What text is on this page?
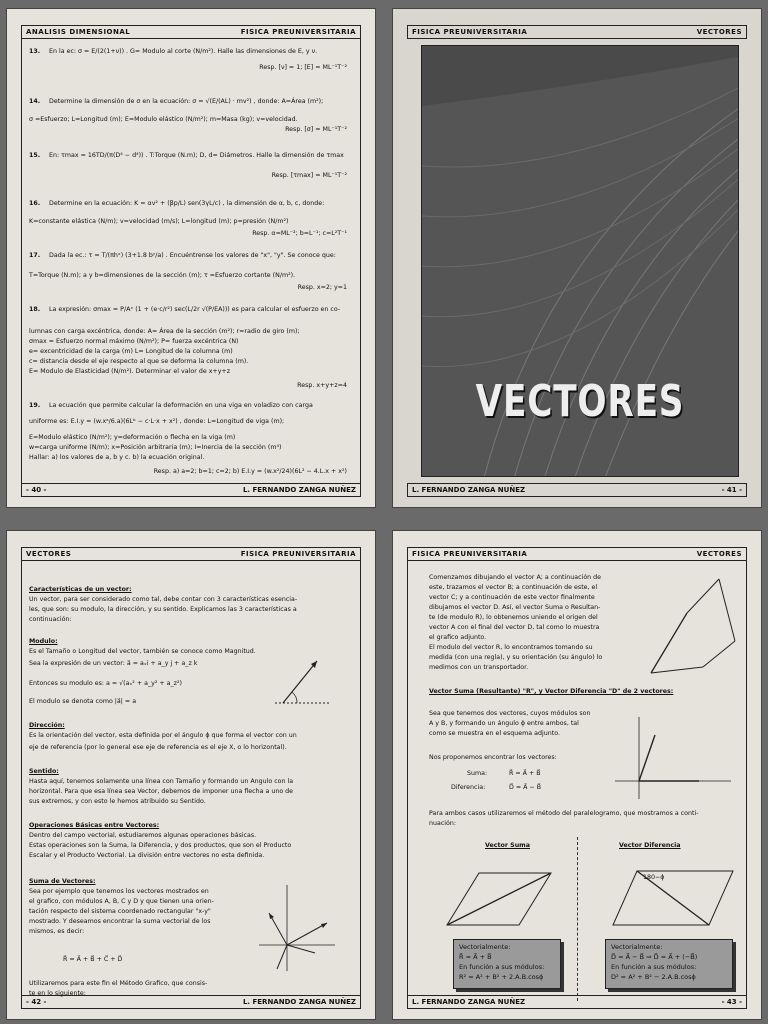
ANALISIS DIMENSIONAL	FISICA PREUNIVERSITARIA
13. En la ec: σ = E/(2(1+ν)) . G= Modulo al corte (N/m²). Halle las dimensiones de E, y ν.
Resp. [ν] = 1; [E] = ML⁻¹T⁻²
14. Determine la dimensión de σ en la ecuación: σ = √(E/(AL) · mv²) , donde: A=Área (m²);
σ =Esfuerzo; L=Longitud (m); E=Modulo elástico (N/m²); m=Masa (kg); v=velocidad.
Resp. [σ] = ML⁻¹T⁻²
15. En: τmax = 16TD/(π(D⁴ − d⁴)) . T:Torque (N.m); D, d= Diámetros. Halle la dimensión de τmax
Resp. [τmax] = ML⁻¹T⁻²
16. Determine en la ecuación: K = αv² + (βp/L) sen(3γL/c) , la dimensión de α, b, c, donde:
K=constante elástica (N/m); v=velocidad (m/s); L=longitud (m); p=presión (N/m²)
Resp. α=ML⁻²; b=L⁻¹; c=L²T⁻¹
17. Dada la ec.: τ = T/(πhˣ) (3+1.8 bʸ/a) . Encuéntrense los valores de "x", "y". Se conoce que:
T=Torque (N.m); a y b=dimensiones de la sección (m); τ =Esfuerzo cortante (N/m²).
Resp. x=2; y=1
18. La expresión: σmax = P/Aˣ (1 + (e·c/r²) sec(L/2r √(P/EA))) es para calcular el esfuerzo en co-
lumnas con carga excéntrica, donde: A= Área de la sección (m²); r=radio de giro (m);
σmax = Esfuerzo normal máximo (N/m²); P= fuerza excéntrica (N)
e= excentricidad de la carga (m) L= Longitud de la columna (m)
c= distancia desde el eje respecto al que se deforma la columna (m).
E= Modulo de Elasticidad (N/m²). Determinar el valor de x+y+z
Resp. x+y+z=4
19. La ecuación que permite calcular la deformación en una viga en voladizo con carga
uniforme es: E.I.y = (w.xᵃ/6.a)(6Lᵇ − c·L·x + x²) , donde: L=Longitud de viga (m);
E=Modulo elástico (N/m²); y=deformación o flecha en la viga (m)
w=carga uniforme (N/m); x=Posición arbitraria (m); I=Inercia de la sección (m⁴)
Hallar: a) los valores de a, b y c. b) la ecuación original.
Resp. a) a=2; b=1; c=2; b) E.I.y = (w.x²/24)(6L² − 4.L.x + x²)
- 40 -	L. FERNANDO ZANGA NUÑEZ
FISICA PREUNIVERSITARIA	VECTORES
VECTORES
L. FERNANDO ZANGA NUÑEZ	- 41 -
VECTORES	FISICA PREUNIVERSITARIA
Características de un vector:
Un vector, para ser considerado como tal, debe contar con 3 características esencia-
les, que son: su modulo, la dirección, y su sentido. Explicamos las 3 características a
continuación:
Modulo:
Es el Tamaño o Longitud del vector, también se conoce como Magnitud.
Sea la expresión de un vector: a⃗ = aₓi + a_y j + a_z k
Entonces su modulo es: a = √(aₓ² + a_y² + a_z²)
El modulo se denota como |a⃗| = a
Dirección:
Es la orientación del vector, esta definida por el ángulo ϕ que forma el vector con un
eje de referencia (por lo general ese eje de referencia es el eje X, o lo horizontal).
Sentido:
Hasta aquí, tenemos solamente una línea con Tamaño y formando un Angulo con la
horizontal. Para que esa línea sea Vector, debemos de imponer una flecha a uno de
sus extremos, y con esto le hemos atribuido su Sentido.
Operaciones Básicas entre Vectores:
Dentro del campo vectorial, estudiaremos algunas operaciones básicas.
Estas operaciones son la Suma, la Diferencia, y dos productos, que son el Producto
Escalar y el Producto Vectorial. La división entre vectores no esta definida.
Suma de Vectores:
Sea por ejemplo que tenemos los vectores mostrados en
el grafico, con módulos A, B, C y D y que tienen una orien-
tación respecto del sistema coordenado rectangular "x-y"
mostrado. Y deseamos encontrar la suma vectorial de los
mismos, es decir:
R⃗ = A⃗ + B⃗ + C⃗ + D⃗
Utilizaremos para este fin el Método Grafico, que consis-
te en lo siguiente:
- 42 -	L. FERNANDO ZANGA NUÑEZ
FISICA PREUNIVERSITARIA	VECTORES
Comenzamos dibujando el vector A; a continuación de
este, trazamos el vector B; a continuación de este, el
vector C; y a continuación de este vector finalmente
dibujamos el vector D. Así, el vector Suma o Resultan-
te (de modulo R), lo obtenemos uniendo el origen del
vector A con el final del vector D, tal como lo muestra
el grafico adjunto.
El modulo del vector R, lo encontramos tomando su
medida (con una regla), y su orientación (su ángulo) lo
medimos con un transportador.
Vector Suma (Resultante) "R", y Vector Diferencia "D" de 2 vectores:
Sea que tenemos dos vectores, cuyos módulos son
A y B, y formando un ángulo ϕ entre ambos, tal
como se muestra en el esquema adjunto.
Nos proponemos encontrar los vectores:
Suma:	R⃗ = A⃗ + B⃗
Diferencia:	D⃗ = A⃗ − B⃗
Para ambos casos utilizaremos el método del paralelogramo, que mostramos a conti-
nuación:
Vector Suma	Vector Diferencia
180−ϕ
Vectorialmente:
R⃗ = A⃗ + B⃗
En función a sus módulos:
R² = A² + B² + 2.A.B.cosϕ
Vectorialmente:
D⃗ = A⃗ − B⃗ ⇒ D⃗ = A⃗ + (−B⃗)
En función a sus módulos:
D² = A² + B² − 2.A.B.cosϕ
L. FERNANDO ZANGA NUÑEZ	- 43 -
